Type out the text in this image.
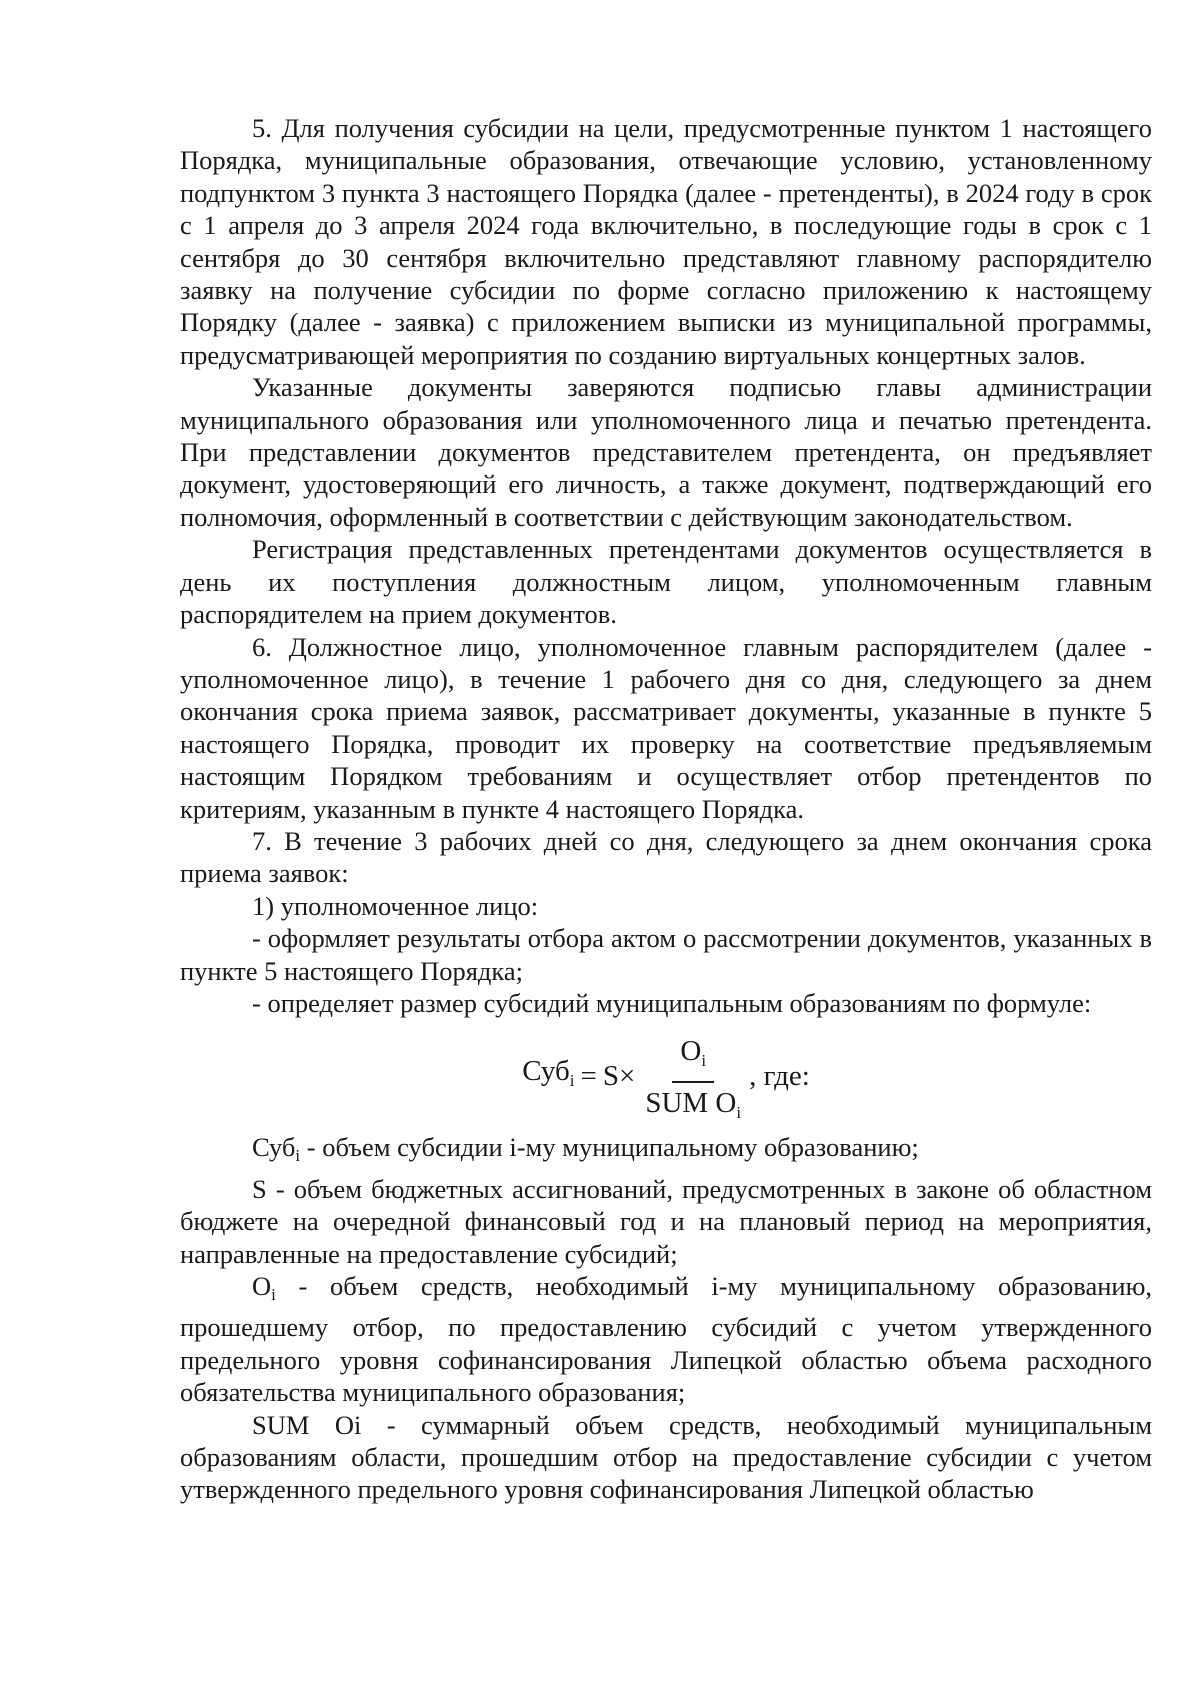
5. Для получения субсидии на цели, предусмотренные пунктом 1 настоящего Порядка, муниципальные образования, отвечающие условию, установленному подпунктом 3 пункта 3 настоящего Порядка (далее - претенденты), в 2024 году в срок с 1 апреля до 3 апреля 2024 года включительно, в последующие годы в срок с 1 сентября до 30 сентября включительно представляют главному распорядителю заявку на получение субсидии по форме согласно приложению к настоящему Порядку (далее - заявка) с приложением выписки из муниципальной программы, предусматривающей мероприятия по созданию виртуальных концертных залов.

Указанные документы заверяются подписью главы администрации муниципального образования или уполномоченного лица и печатью претендента. При представлении документов представителем претендента, он предъявляет документ, удостоверяющий его личность, а также документ, подтверждающий его полномочия, оформленный в соответствии с действующим законодательством.

Регистрация представленных претендентами документов осуществляется в день их поступления должностным лицом, уполномоченным главным распорядителем на прием документов.

6. Должностное лицо, уполномоченное главным распорядителем (далее - уполномоченное лицо), в течение 1 рабочего дня со дня, следующего за днем окончания срока приема заявок, рассматривает документы, указанные в пункте 5 настоящего Порядка, проводит их проверку на соответствие предъявляемым настоящим Порядком требованиям и осуществляет отбор претендентов по критериям, указанным в пункте 4 настоящего Порядка.

7. В течение 3 рабочих дней со дня, следующего за днем окончания срока приема заявок:

1) уполномоченное лицо:

- оформляет результаты отбора актом о рассмотрении документов, указанных в пункте 5 настоящего Порядка;

- определяет размер субсидий муниципальным образованиям по формуле:

$Суб_i = S \times \frac{O_i}{SUM O_i}$ , где:

Суб$_i$ - объем субсидии i-му муниципальному образованию;

S - объем бюджетных ассигнований, предусмотренных в законе об областном бюджете на очередной финансовый год и на плановый период на мероприятия, направленные на предоставление субсидий;

$O_i$ - объем средств, необходимый i-му муниципальному образованию, прошедшему отбор, по предоставлению субсидий с учетом утвержденного предельного уровня софинансирования Липецкой областью объема расходного обязательства муниципального образования;

SUM Oi - суммарный объем средств, необходимый муниципальным образованиям области, прошедшим отбор на предоставление субсидии с учетом утвержденного предельного уровня софинансирования Липецкой областью
